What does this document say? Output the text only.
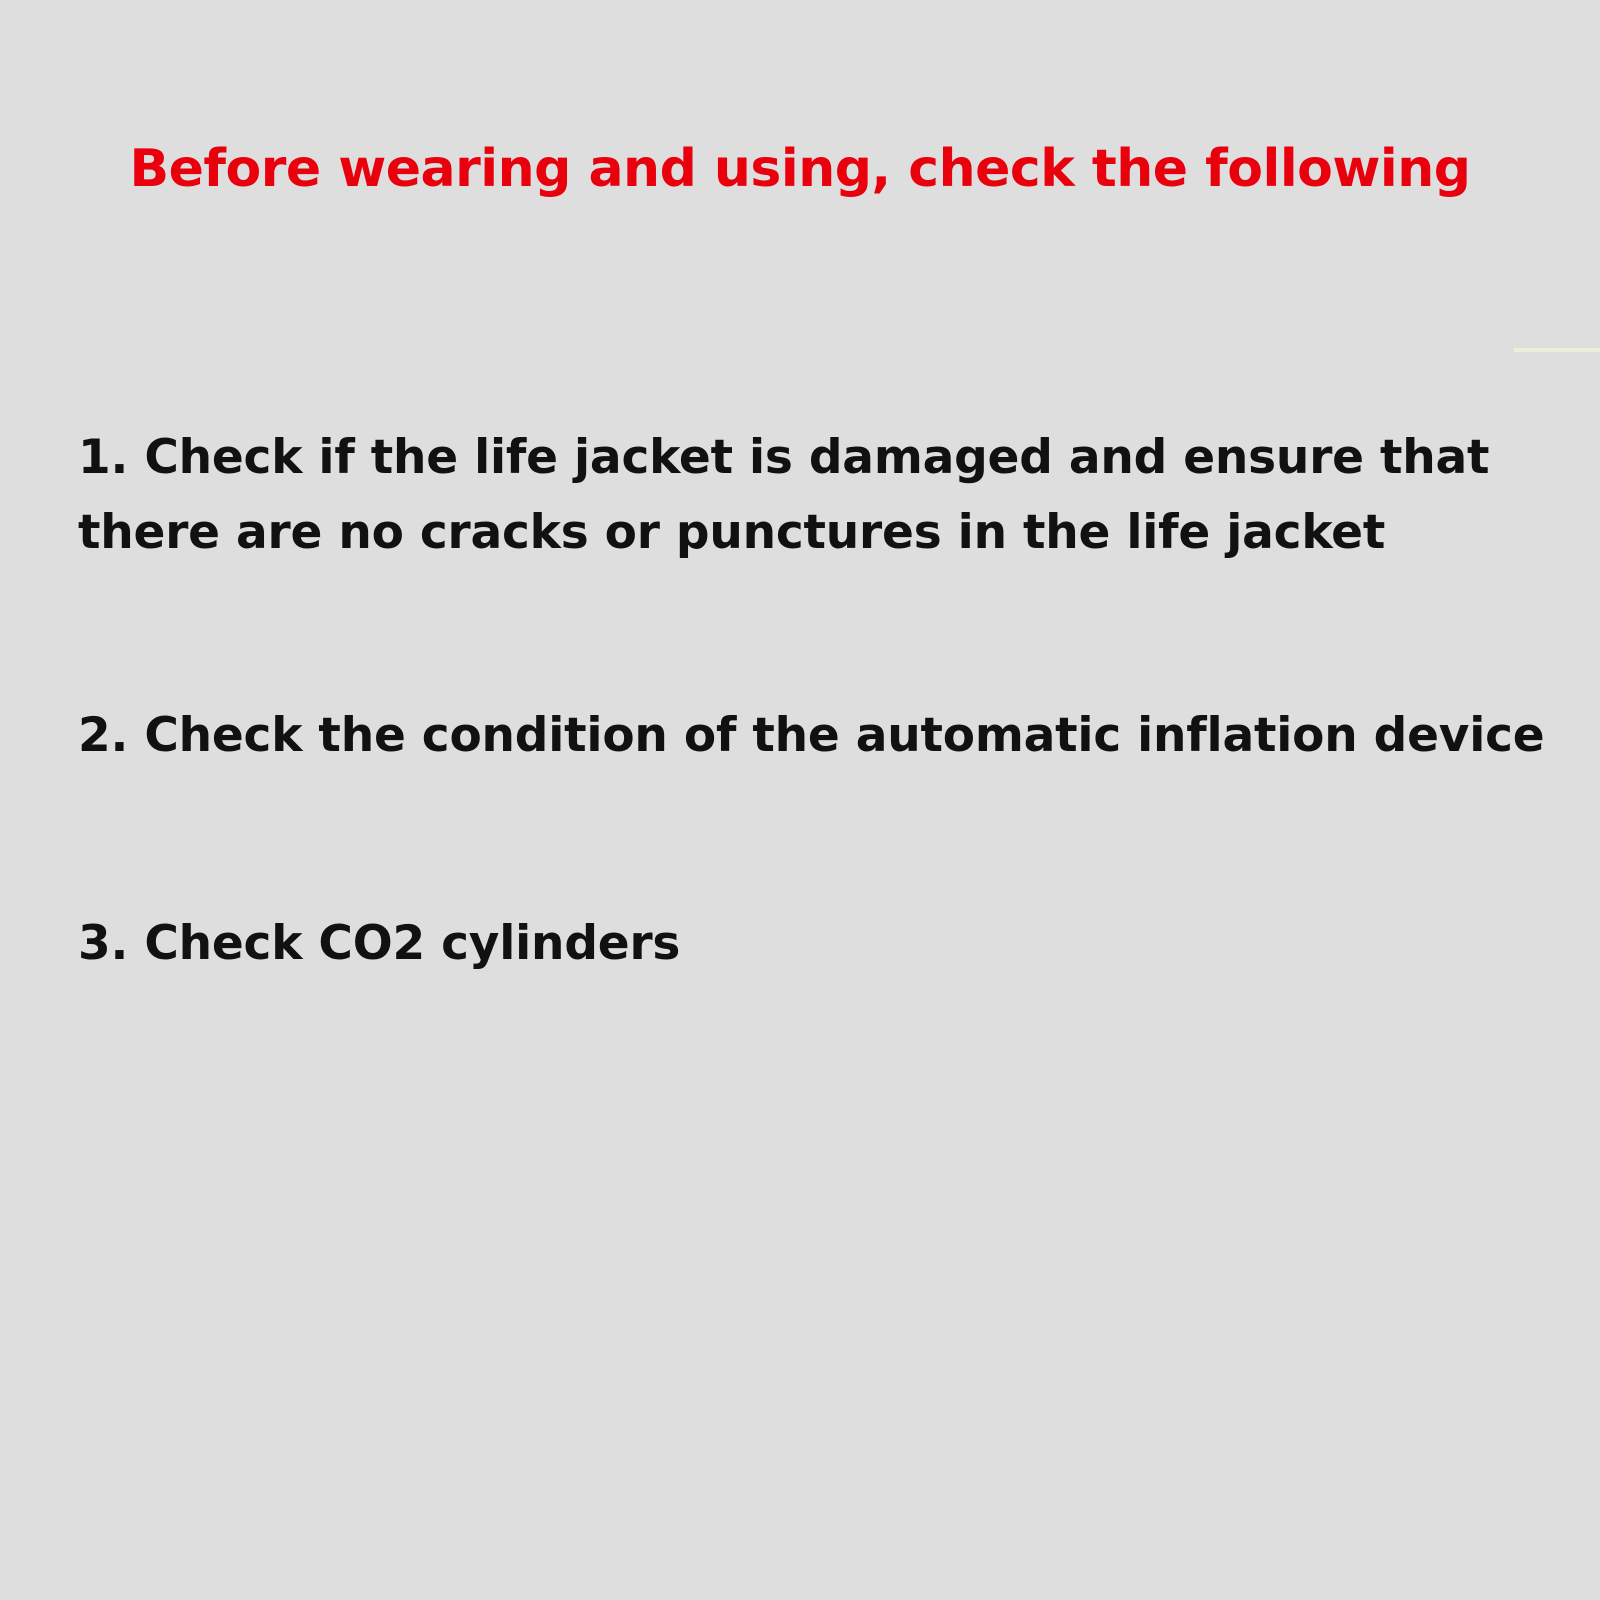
Before wearing and using, check the following
1. Check if the life jacket is damaged and ensure that there are no cracks or punctures in the life jacket
2. Check the condition of the automatic inflation device
3. Check CO2 cylinders
